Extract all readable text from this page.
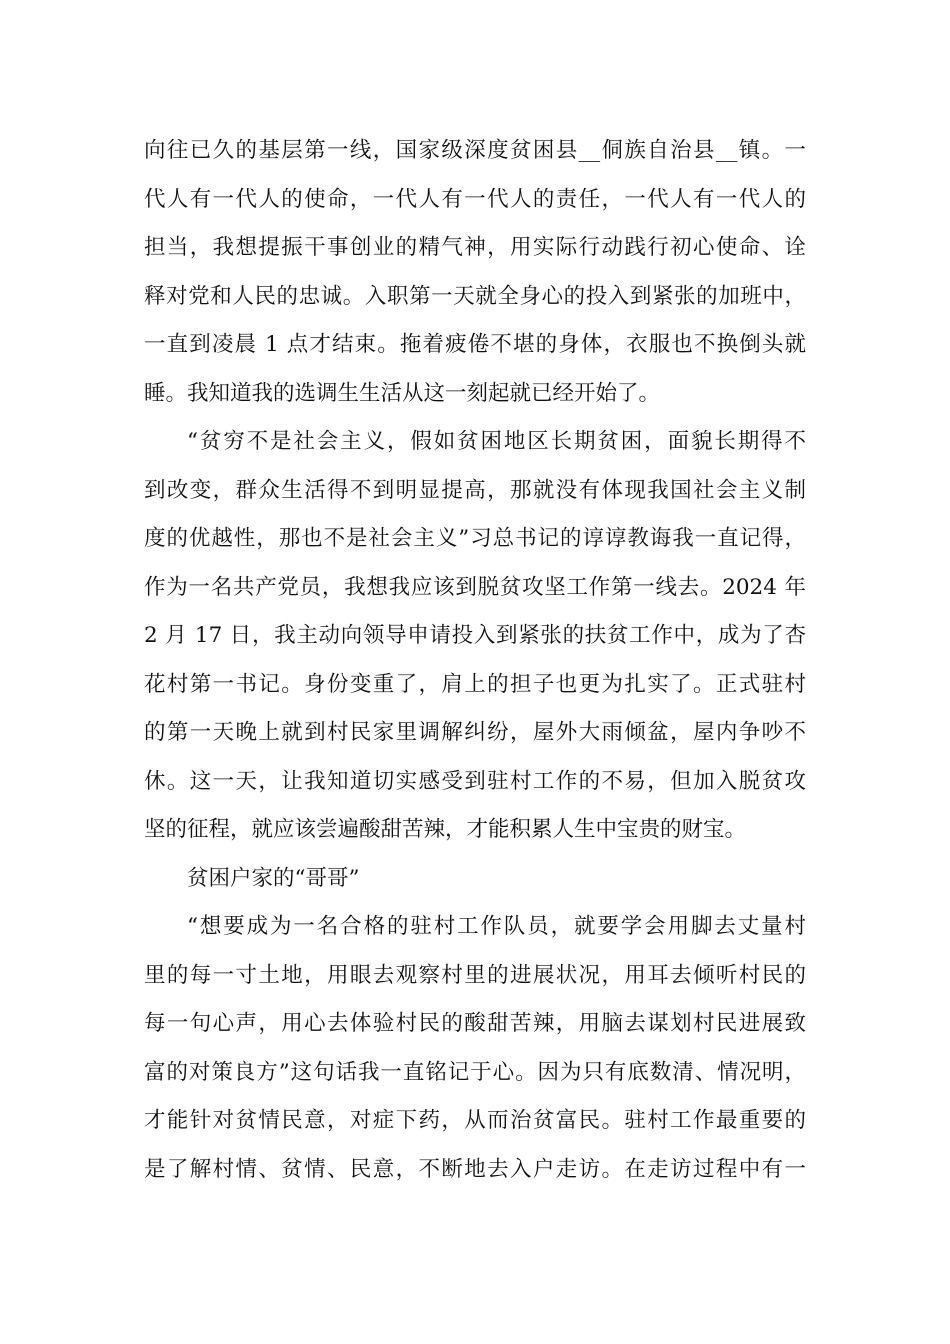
向往已久的基层第一线，国家级深度贫困县__侗族自治县__镇。一
代人有一代人的使命，一代人有一代人的责任，一代人有一代人的
担当，我想提振干事创业的精气神，用实际行动践行初心使命、诠
释对党和人民的忠诚。入职第一天就全身心的投入到紧张的加班中，
一直到凌晨 1 点才结束。拖着疲倦不堪的身体，衣服也不换倒头就
睡。我知道我的选调生生活从这一刻起就已经开始了。
“贫穷不是社会主义，假如贫困地区长期贫困，面貌长期得不
到改变，群众生活得不到明显提高，那就没有体现我国社会主义制
度的优越性，那也不是社会主义”习总书记的谆谆教诲我一直记得，
作为一名共产党员，我想我应该到脱贫攻坚工作第一线去。2024 年
2 月 17 日，我主动向领导申请投入到紧张的扶贫工作中，成为了杏
花村第一书记。身份变重了，肩上的担子也更为扎实了。正式驻村
的第一天晚上就到村民家里调解纠纷，屋外大雨倾盆，屋内争吵不
休。这一天，让我知道切实感受到驻村工作的不易，但加入脱贫攻
坚的征程，就应该尝遍酸甜苦辣，才能积累人生中宝贵的财宝。
贫困户家的“哥哥”
“想要成为一名合格的驻村工作队员，就要学会用脚去丈量村
里的每一寸土地，用眼去观察村里的进展状况，用耳去倾听村民的
每一句心声，用心去体验村民的酸甜苦辣，用脑去谋划村民进展致
富的对策良方”这句话我一直铭记于心。因为只有底数清、情况明，
才能针对贫情民意，对症下药，从而治贫富民。驻村工作最重要的
是了解村情、贫情、民意，不断地去入户走访。在走访过程中有一
